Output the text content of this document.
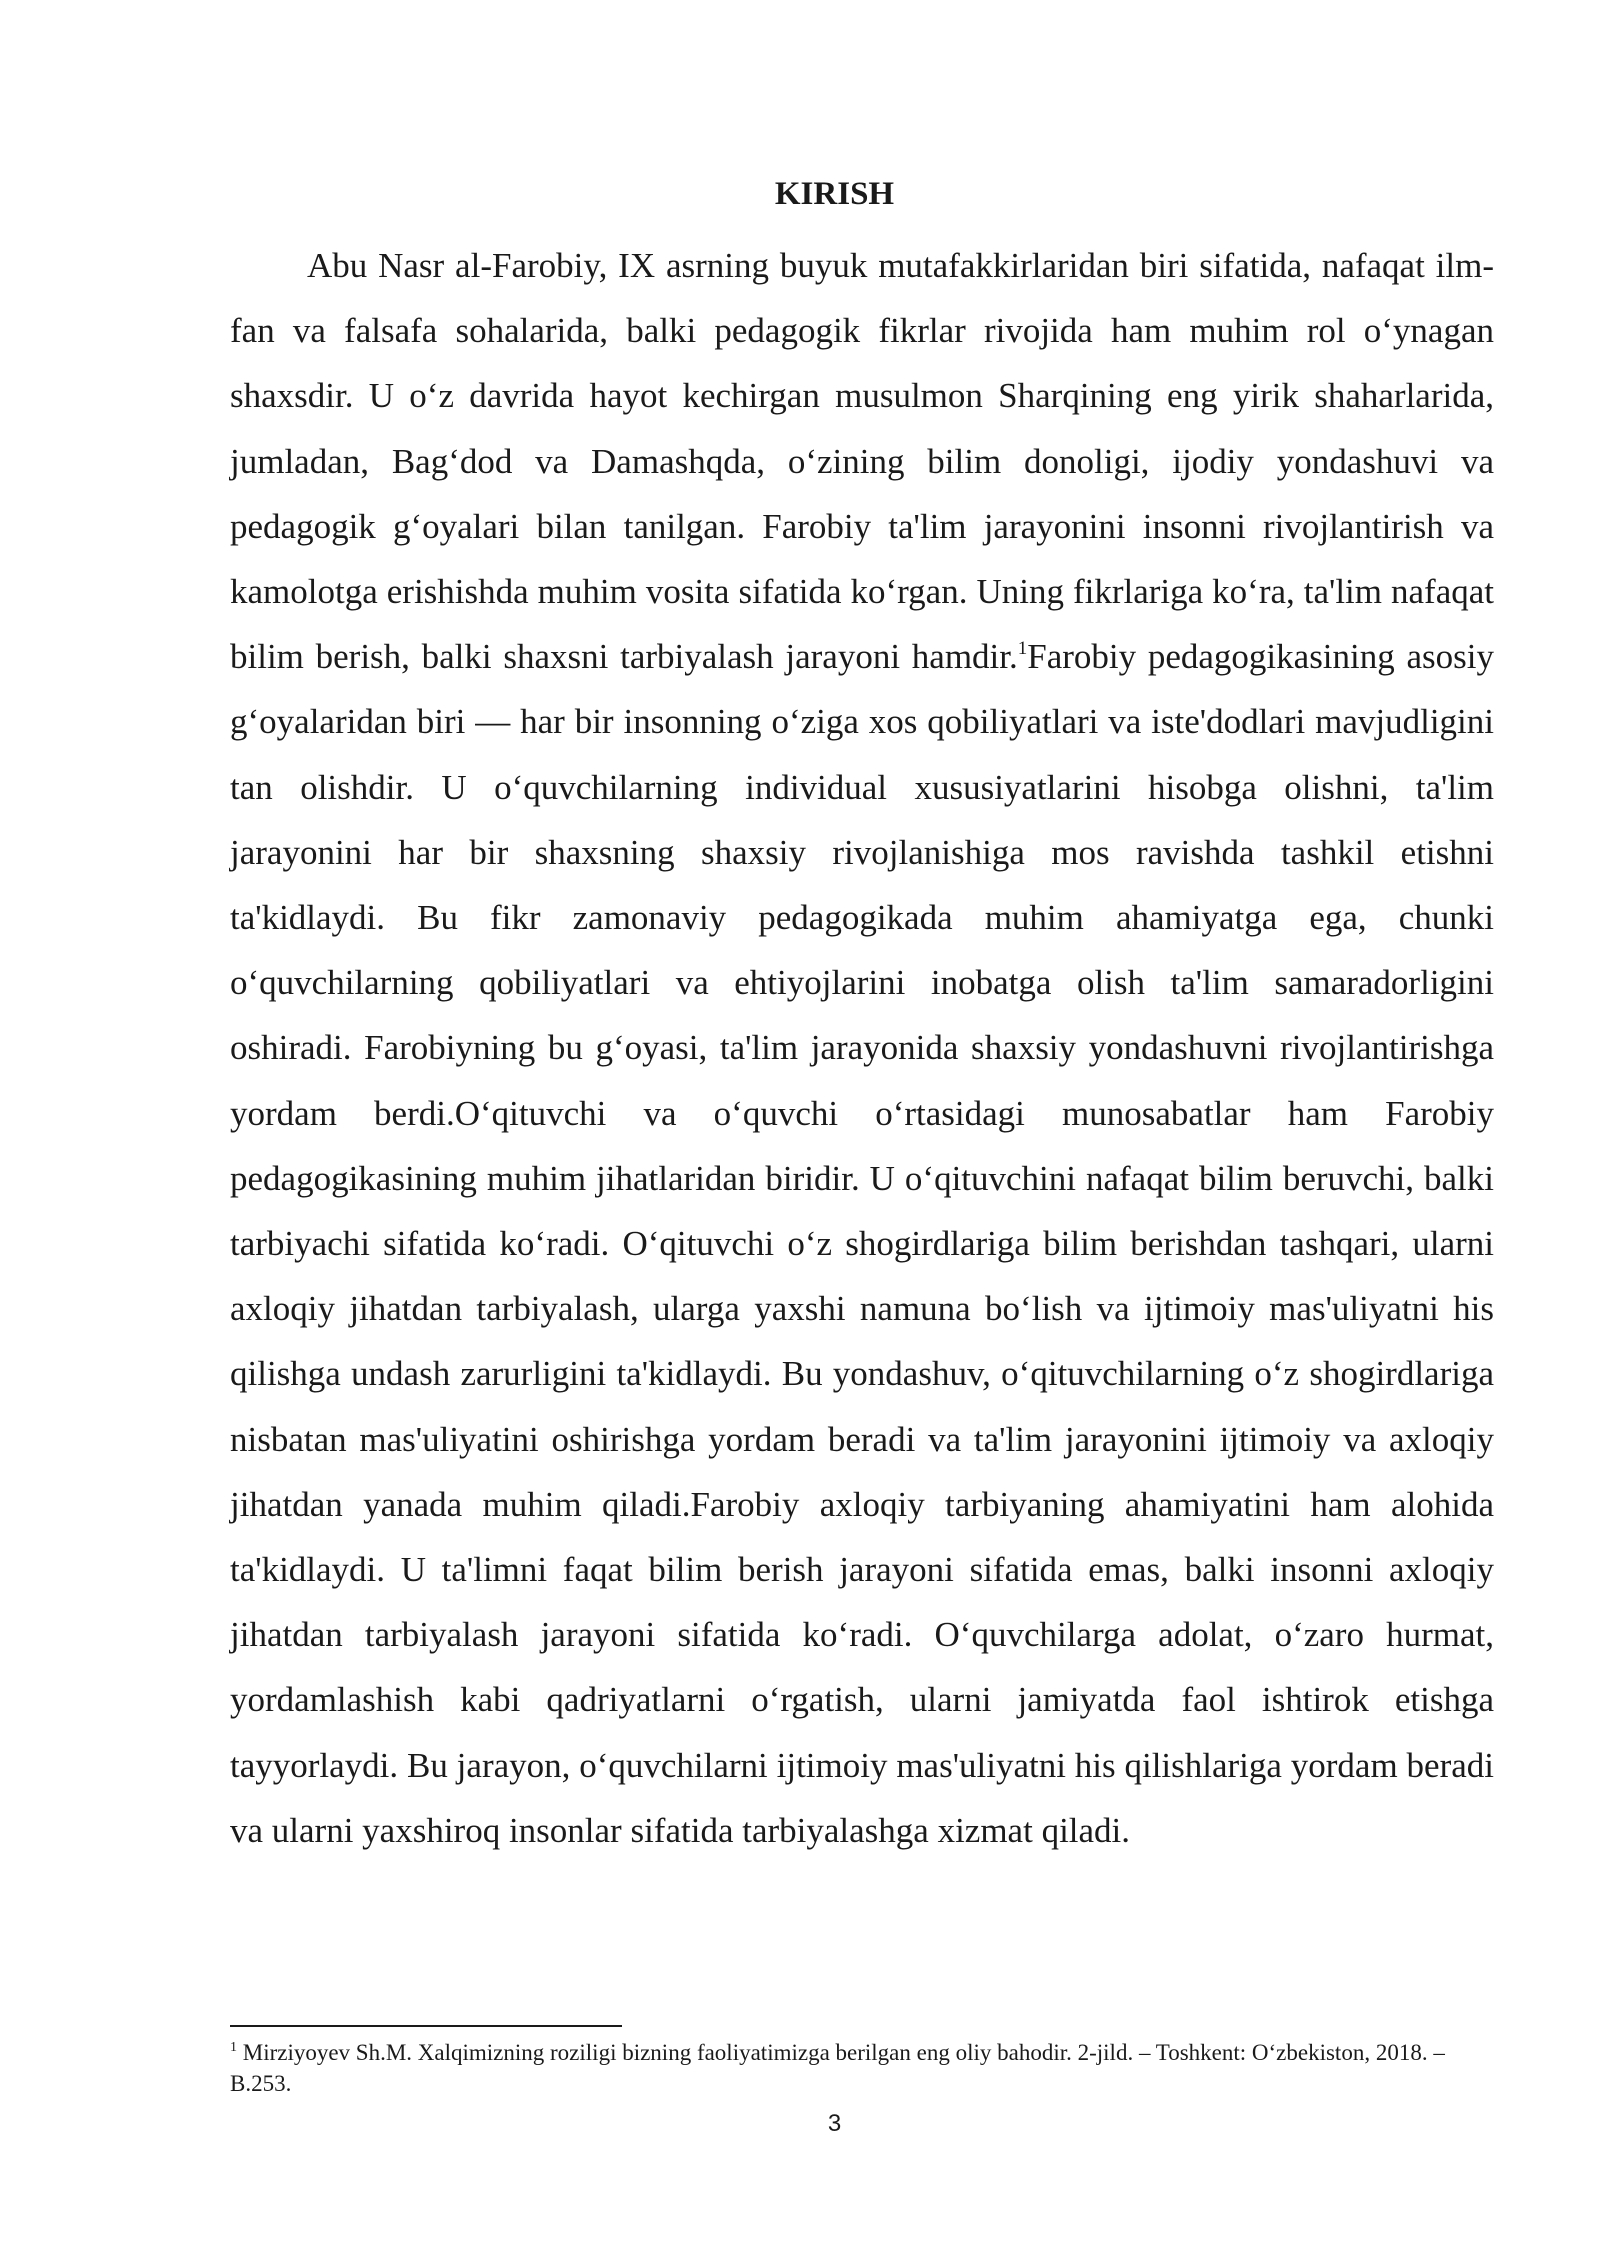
KIRISH

Abu Nasr al-Farobiy, IX asrning buyuk mutafakkirlaridan biri sifatida, nafaqat ilm-fan va falsafa sohalarida, balki pedagogik fikrlar rivojida ham muhim rol o‘ynagan shaxsdir. U o‘z davrida hayot kechirgan musulmon Sharqining eng yirik shaharlarida, jumladan, Bag‘dod va Damashqda, o‘zining bilim donoligi, ijodiy yondashuvi va pedagogik g‘oyalari bilan tanilgan. Farobiy ta'lim jarayonini insonni rivojlantirish va kamolotga erishishda muhim vosita sifatida ko‘rgan. Uning fikrlariga ko‘ra, ta'lim nafaqat bilim berish, balki shaxsni tarbiyalash jarayoni hamdir.$^1$Farobiy pedagogikasining asosiy g‘oyalaridan biri — har bir insonning o‘ziga xos qobiliyatlari va iste'dodlari mavjudligini tan olishdir. U o‘quvchilarning individual xususiyatlarini hisobga olishni, ta'lim jarayonini har bir shaxsning shaxsiy rivojlanishiga mos ravishda tashkil etishni ta'kidlaydi. Bu fikr zamonaviy pedagogikada muhim ahamiyatga ega, chunki o‘quvchilarning qobiliyatlari va ehtiyojlarini inobatga olish ta'lim samaradorligini oshiradi. Farobiyning bu g‘oyasi, ta'lim jarayonida shaxsiy yondashuvni rivojlantirishga yordam berdi.O‘qituvchi va o‘quvchi o‘rtasidagi munosabatlar ham Farobiy pedagogikasining muhim jihatlaridan biridir. U o‘qituvchini nafaqat bilim beruvchi, balki tarbiyachi sifatida ko‘radi. O‘qituvchi o‘z shogirdlariga bilim berishdan tashqari, ularni axloqiy jihatdan tarbiyalash, ularga yaxshi namuna bo‘lish va ijtimoiy mas'uliyatni his qilishga undash zarurligini ta'kidlaydi. Bu yondashuv, o‘qituvchilarning o‘z shogirdlariga nisbatan mas'uliyatini oshirishga yordam beradi va ta'lim jarayonini ijtimoiy va axloqiy jihatdan yanada muhim qiladi.Farobiy axloqiy tarbiyaning ahamiyatini ham alohida ta'kidlaydi. U ta'limni faqat bilim berish jarayoni sifatida emas, balki insonni axloqiy jihatdan tarbiyalash jarayoni sifatida ko‘radi. O‘quvchilarga adolat, o‘zaro hurmat, yordamlashish kabi qadriyatlarni o‘rgatish, ularni jamiyatda faol ishtirok etishga tayyorlaydi. Bu jarayon, o‘quvchilarni ijtimoiy mas'uliyatni his qilishlariga yordam beradi va ularni yaxshiroq insonlar sifatida tarbiyalashga xizmat qiladi.

$^1$ Mirziyoyev Sh.M. Xalqimizning roziligi bizning faoliyatimizga berilgan eng oliy bahodir. 2-jild. – Toshkent: O‘zbekiston, 2018. – B.253.

3
